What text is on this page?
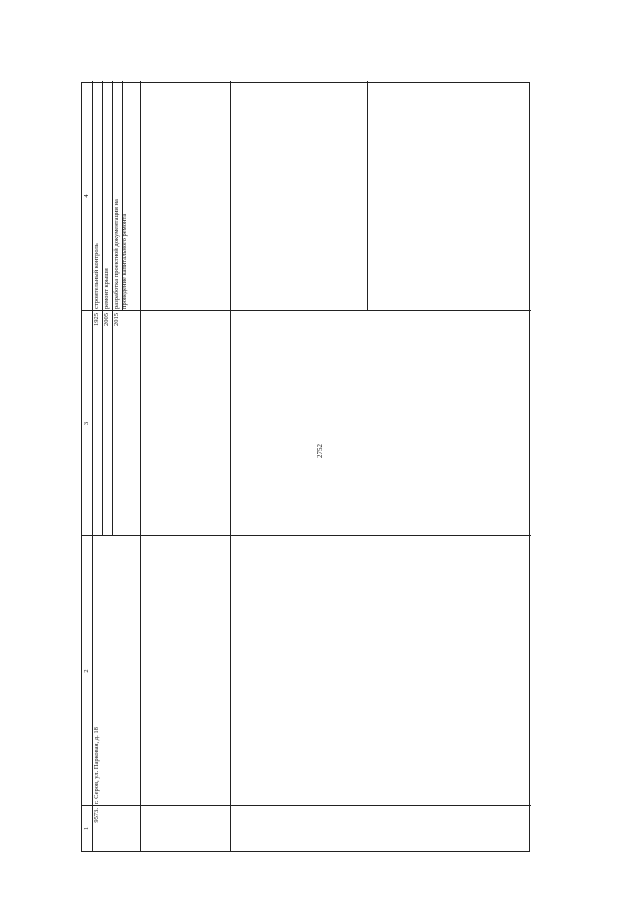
2752
1
2
3
4
9573.
г. Серов, ул. Парковая, д. 18
1925
строительный контроль
2005
ремонт крыши
2015
разработка проектной документации на проведение капитального ремонта
